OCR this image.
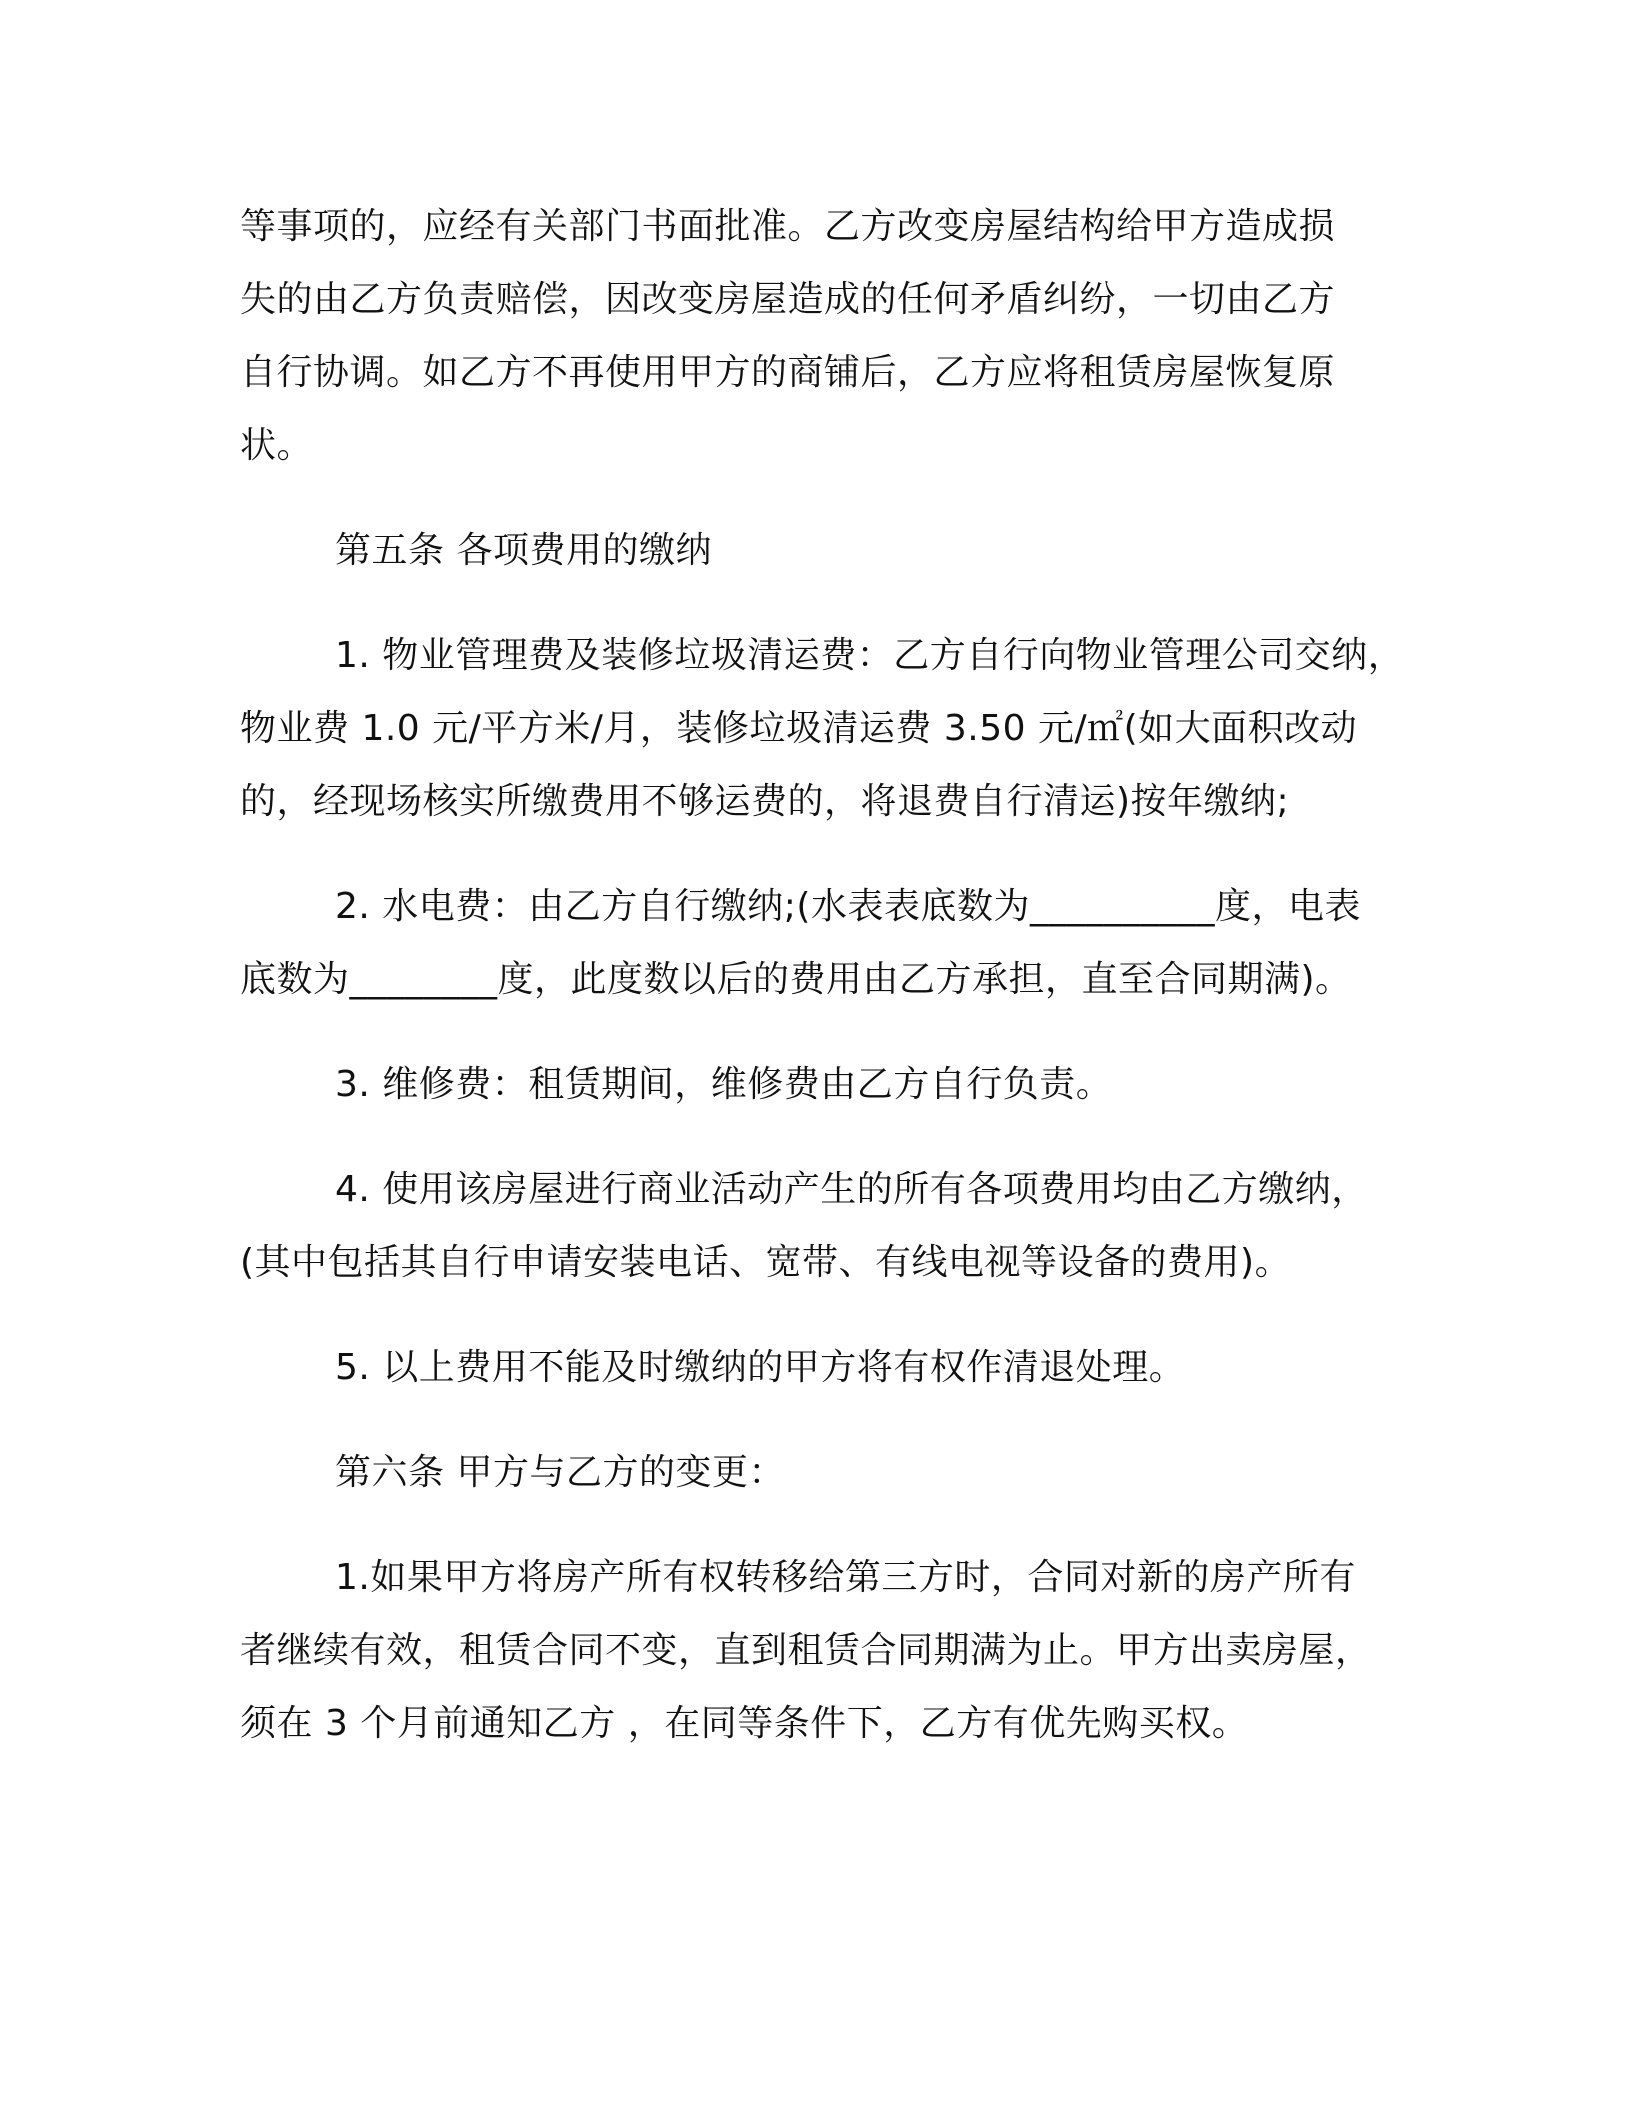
等事项的，应经有关部门书面批准。乙方改变房屋结构给甲方造成损
失的由乙方负责赔偿，因改变房屋造成的任何矛盾纠纷，一切由乙方
自行协调。如乙方不再使用甲方的商铺后，乙方应将租赁房屋恢复原
状。

第五条 各项费用的缴纳

1. 物业管理费及装修垃圾清运费：乙方自行向物业管理公司交纳，
物业费 1.0 元/平方米/月，装修垃圾清运费 3.50 元/㎡(如大面积改动
的，经现场核实所缴费用不够运费的，将退费自行清运)按年缴纳;

2. 水电费：由乙方自行缴纳;(水表表底数为__________度，电表
底数为________度，此度数以后的费用由乙方承担，直至合同期满)。

3. 维修费：租赁期间，维修费由乙方自行负责。

4. 使用该房屋进行商业活动产生的所有各项费用均由乙方缴纳，
(其中包括其自行申请安装电话、宽带、有线电视等设备的费用)。

5. 以上费用不能及时缴纳的甲方将有权作清退处理。

第六条 甲方与乙方的变更：

1.如果甲方将房产所有权转移给第三方时，合同对新的房产所有
者继续有效，租赁合同不变，直到租赁合同期满为止。甲方出卖房屋，
须在 3 个月前通知乙方 ，在同等条件下，乙方有优先购买权。
